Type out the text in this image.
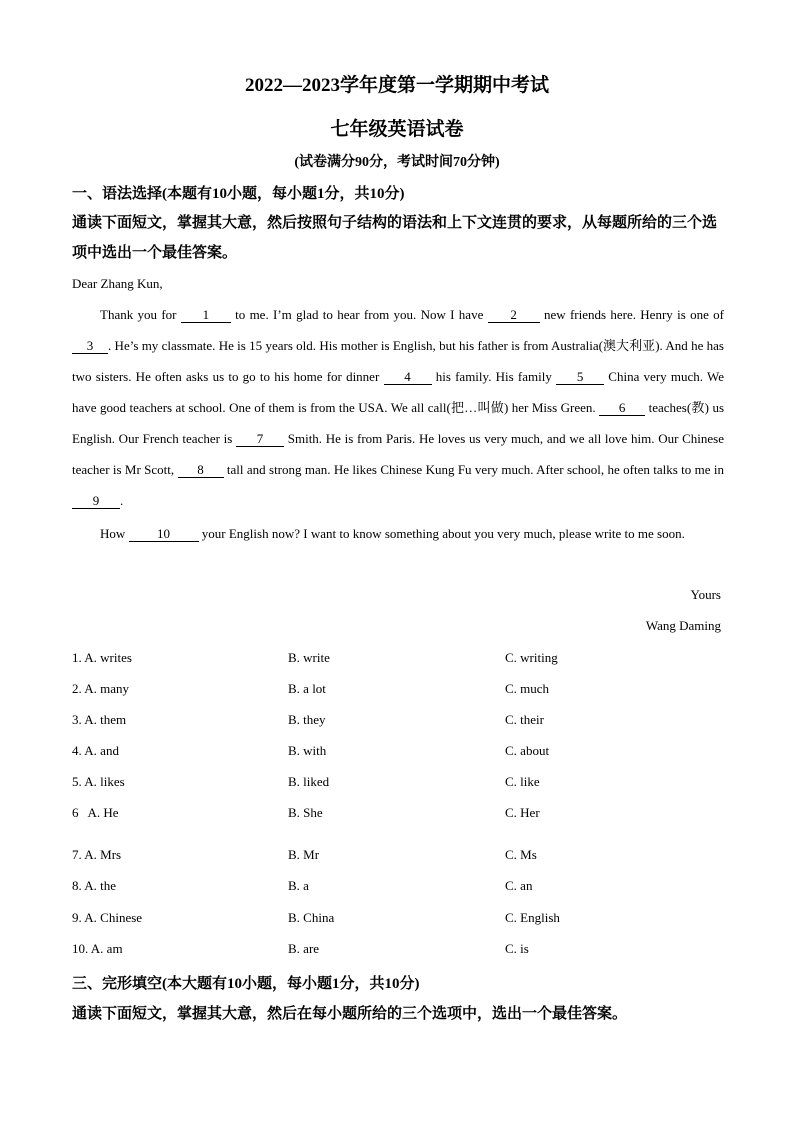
2022—2023学年度第一学期期中考试

七年级英语试卷

(试卷满分90分，考试时间70分钟)

一、语法选择(本题有10小题，每小题1分，共10分)

通读下面短文，掌握其大意，然后按照句子结构的语法和上下文连贯的要求，从每题所给的三个选项中选出一个最佳答案。

Dear Zhang Kun,

Thank you for 1 to me. I’m glad to hear from you. Now I have 2 new friends here. Henry is one of 3 . He’s my classmate. He is 15 years old. His mother is English, but his father is from Australia(澳大利亚). And he has two sisters. He often asks us to go to his home for dinner 4 his family. His family 5 China very much. We have good teachers at school. One of them is from the USA. We all call(把…叫做) her Miss Green. 6 teaches(教) us English. Our French teacher is 7 Smith. He is from Paris. He loves us very much, and we all love him. Our Chinese teacher is Mr Scott, 8 tall and strong man. He likes Chinese Kung Fu very much. After school, he often talks to me in 9 .

How 10 your English now? I want to know something about you very much, please write to me soon.

Yours

Wang Daming

1. A. writes	B. write	C. writing

2. A. many	B. a lot	C. much

3. A. them	B. they	C. their

4. A. and	B. with	C. about

5. A. likes	B. liked	C. like

6   A. He	B. She	C. Her

7. A. Mrs	B. Mr	C. Ms

8. A. the	B. a	C. an

9. A. Chinese	B. China	C. English

10. A. am	B. are	C. is

三、完形填空(本大题有10小题，每小题1分，共10分)

通读下面短文，掌握其大意，然后在每小题所给的三个选项中，选出一个最佳答案。
